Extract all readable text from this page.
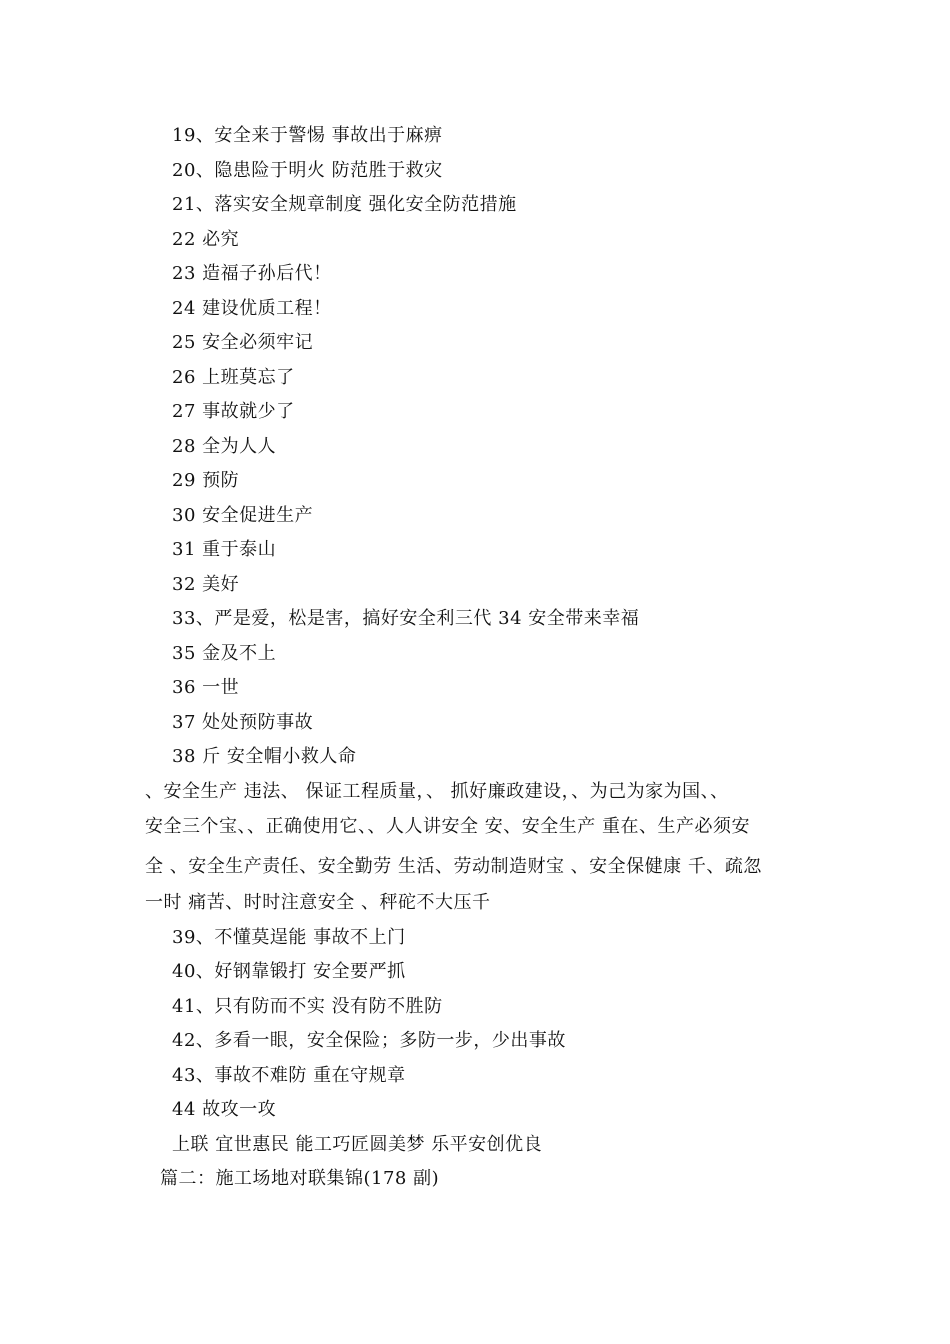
19、安全来于警惕 事故出于麻痹
20、隐患险于明火 防范胜于救灾
21、落实安全规章制度 强化安全防范措施
22 必究
23 造福子孙后代！
24 建设优质工程！
25 安全必须牢记
26 上班莫忘了
27 事故就少了
28 全为人人
29 预防
30 安全促进生产
31 重于泰山
32 美好
33、严是爱，松是害，搞好安全利三代 34 安全带来幸福
35 金及不上
36 一世
37 处处预防事故
38 斤 安全帽小救人命
、安全生产 违法、 保证工程质量，、 抓好廉政建设，、为己为家为国、、
安全三个宝、、正确使用它、、人人讲安全 安、安全生产 重在、生产必须安
全 、安全生产责任、安全勤劳 生活、劳动制造财宝 、安全保健康 千、疏忽
一时 痛苦、时时注意安全 、秤砣不大压千
39、不懂莫逞能 事故不上门
40、好钢靠锻打 安全要严抓
41、只有防而不实 没有防不胜防
42、多看一眼，安全保险；多防一步，少出事故
43、事故不难防 重在守规章
44 故攻一攻
上联 宜世惠民 能工巧匠圆美梦 乐平安创优良
篇二：施工场地对联集锦(178 副)
